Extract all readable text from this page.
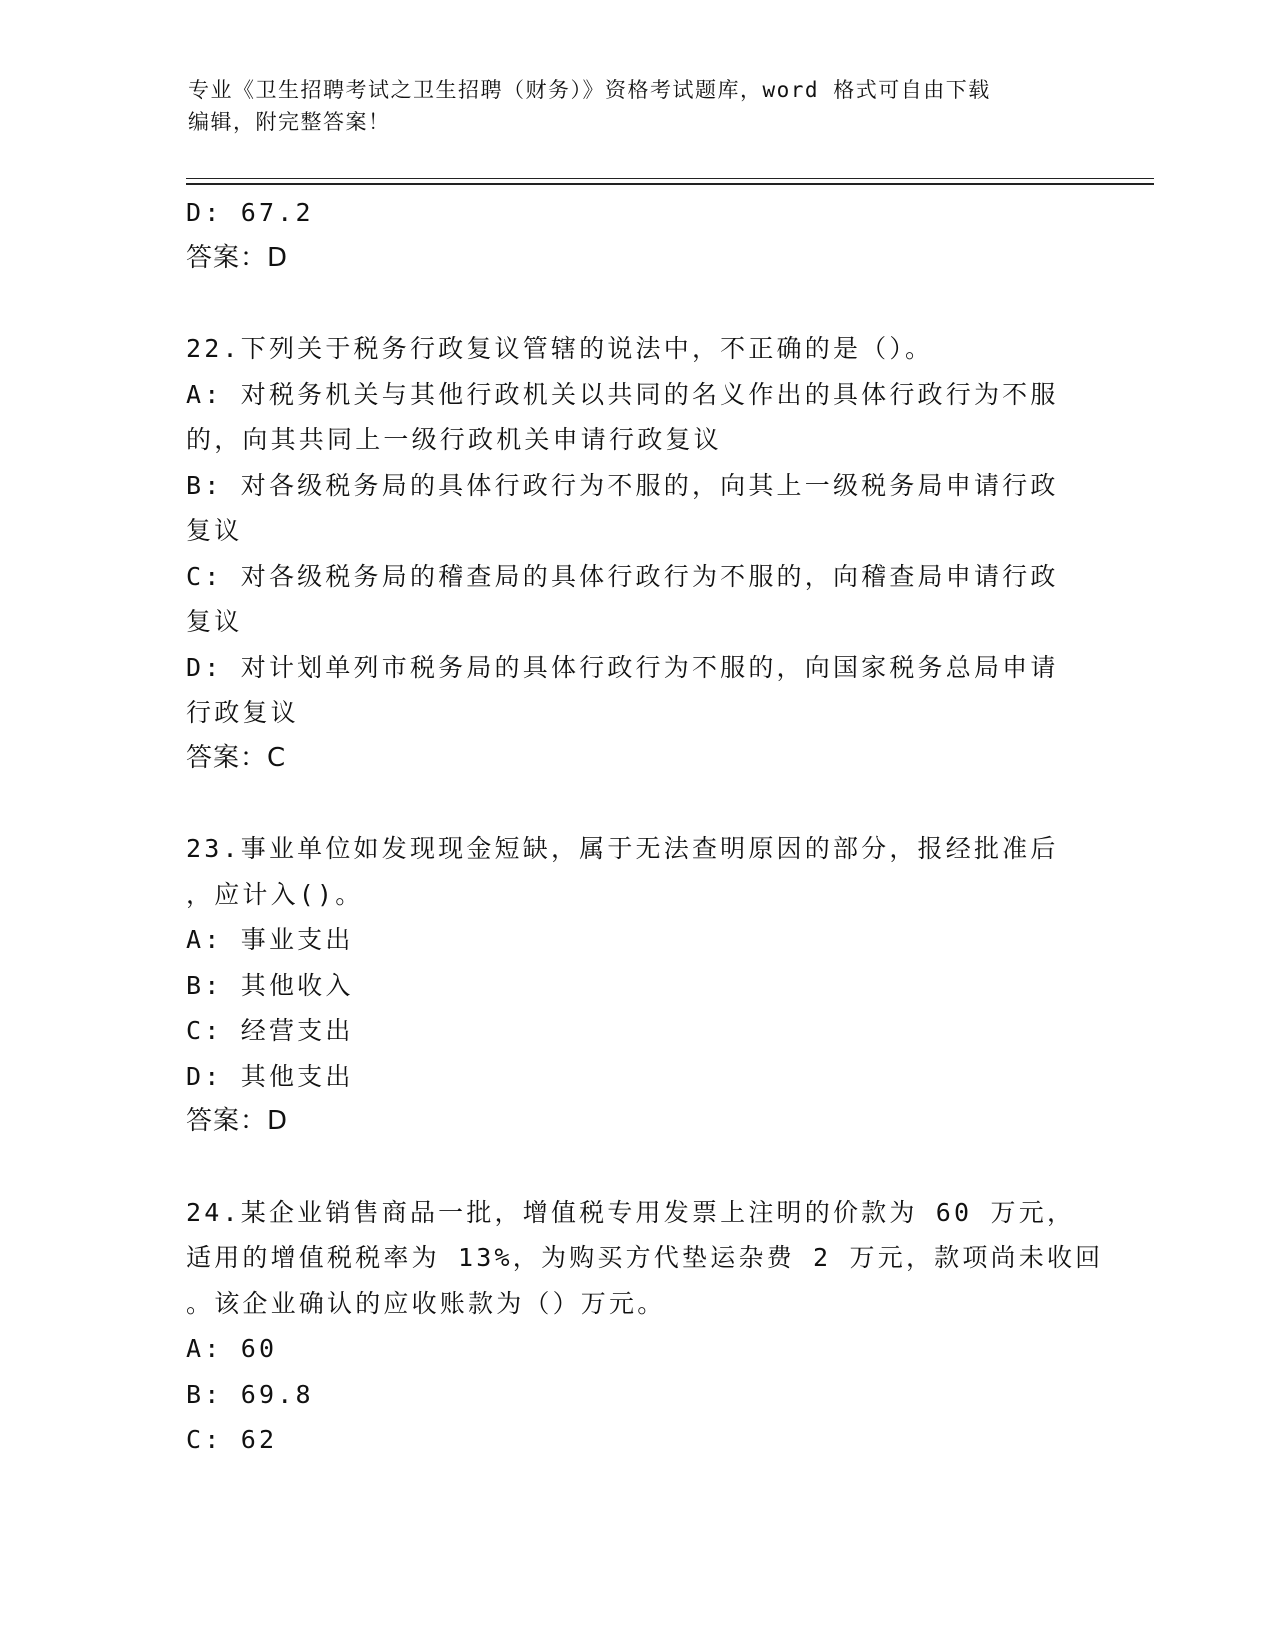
专业《卫生招聘考试之卫生招聘（财务）》资格考试题库，word 格式可自由下载
编辑，附完整答案！
D: 67.2
答案：D
22.下列关于税务行政复议管辖的说法中，不正确的是（）。
A: 对税务机关与其他行政机关以共同的名义作出的具体行政行为不服
的，向其共同上一级行政机关申请行政复议
B: 对各级税务局的具体行政行为不服的，向其上一级税务局申请行政
复议
C: 对各级税务局的稽查局的具体行政行为不服的，向稽查局申请行政
复议
D: 对计划单列市税务局的具体行政行为不服的，向国家税务总局申请
行政复议
答案：C
23.事业单位如发现现金短缺，属于无法查明原因的部分，报经批准后
，应计入()。
A: 事业支出
B: 其他收入
C: 经营支出
D: 其他支出
答案：D
24.某企业销售商品一批，增值税专用发票上注明的价款为 60 万元，
适用的增值税税率为 13%，为购买方代垫运杂费 2 万元，款项尚未收回
。该企业确认的应收账款为（）万元。
A: 60
B: 69.8
C: 62
